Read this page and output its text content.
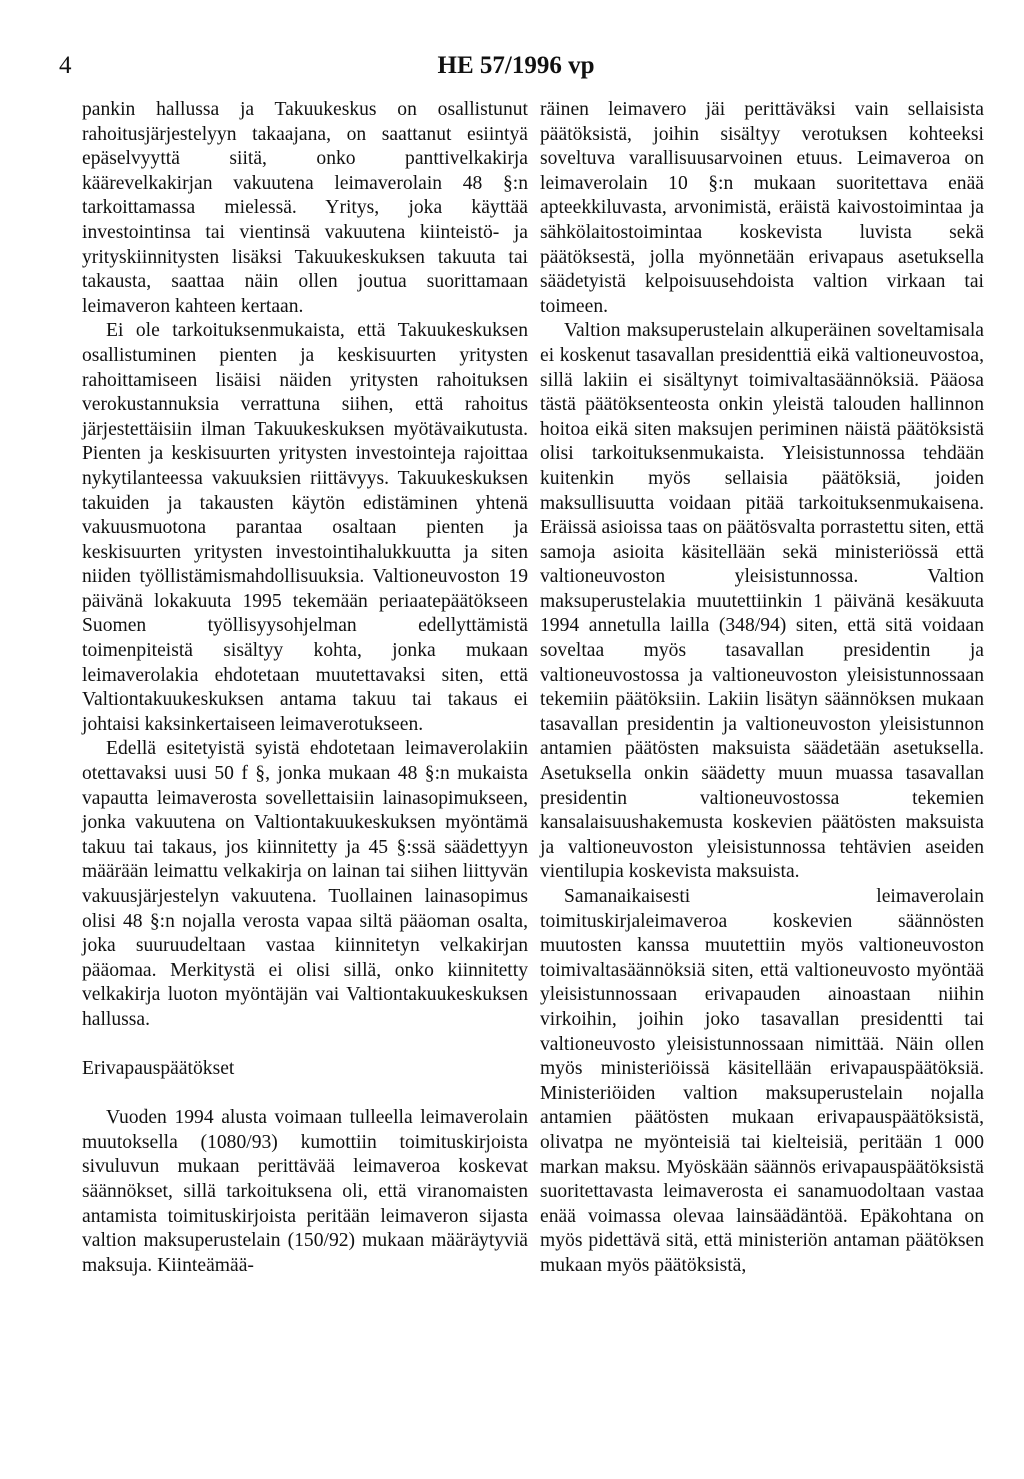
4	HE 57/1996 vp

pankin hallussa ja Takuukeskus on osallistunut rahoitusjärjestelyyn takaajana, on saattanut esiintyä epäselvyyttä siitä, onko panttivelkakirja käärevelkakirjan vakuutena leimaverolain 48 §:n tarkoittamassa mielessä. Yritys, joka käyttää investointinsa tai vientinsä vakuutena kiinteistö- ja yrityskiinnitysten lisäksi Takuukeskuksen takuuta tai takausta, saattaa näin ollen joutua suorittamaan leimaveron kahteen kertaan.

Ei ole tarkoituksenmukaista, että Takuukeskuksen osallistuminen pienten ja keskisuurten yritysten rahoittamiseen lisäisi näiden yritysten rahoituksen verokustannuksia verrattuna siihen, että rahoitus järjestettäisiin ilman Takuukeskuksen myötävaikutusta. Pienten ja keskisuurten yritysten investointeja rajoittaa nykytilanteessa vakuuksien riittävyys. Takuukeskuksen takuiden ja takausten käytön edistäminen yhtenä vakuusmuotona parantaa osaltaan pienten ja keskisuurten yritysten investointihalukkuutta ja siten niiden työllistämismahdollisuuksia. Valtioneuvoston 19 päivänä lokakuuta 1995 tekemään periaatepäätökseen Suomen työllisyysohjelman edellyttämistä toimenpiteistä sisältyy kohta, jonka mukaan leimaverolakia ehdotetaan muutettavaksi siten, että Valtiontakuukeskuksen antama takuu tai takaus ei johtaisi kaksinkertaiseen leimaverotukseen.

Edellä esitetyistä syistä ehdotetaan leimaverolakiin otettavaksi uusi 50 f §, jonka mukaan 48 §:n mukaista vapautta leimaverosta sovellettaisiin lainasopimukseen, jonka vakuutena on Valtiontakuukeskuksen myöntämä takuu tai takaus, jos kiinnitetty ja 45 §:ssä säädettyyn määrään leimattu velkakirja on lainan tai siihen liittyvän vakuusjärjestelyn vakuutena. Tuollainen lainasopimus olisi 48 §:n nojalla verosta vapaa siltä pääoman osalta, joka suuruudeltaan vastaa kiinnitetyn velkakirjan pääomaa. Merkitystä ei olisi sillä, onko kiinnitetty velkakirja luoton myöntäjän vai Valtiontakuukeskuksen hallussa.

Erivapauspäätökset

Vuoden 1994 alusta voimaan tulleella leimaverolain muutoksella (1080/93) kumottiin toimituskirjoista sivuluvun mukaan perittävää leimaveroa koskevat säännökset, sillä tarkoituksena oli, että viranomaisten antamista toimituskirjoista peritään leimaveron sijasta valtion maksuperustelain (150/92) mukaan määräytyviä maksuja. Kiinteämää-

räinen leimavero jäi perittäväksi vain sellaisista päätöksistä, joihin sisältyy verotuksen kohteeksi soveltuva varallisuusarvoinen etuus. Leimaveroa on leimaverolain 10 §:n mukaan suoritettava enää apteekkiluvasta, arvonimistä, eräistä kaivostoimintaa ja sähkölaitostoimintaa koskevista luvista sekä päätöksestä, jolla myönnetään erivapaus asetuksella säädetyistä kelpoisuusehdoista valtion virkaan tai toimeen.

Valtion maksuperustelain alkuperäinen soveltamisala ei koskenut tasavallan presidenttiä eikä valtioneuvostoa, sillä lakiin ei sisältynyt toimivaltasäännöksiä. Pääosa tästä päätöksenteosta onkin yleistä talouden hallinnon hoitoa eikä siten maksujen periminen näistä päätöksistä olisi tarkoituksenmukaista. Yleisistunnossa tehdään kuitenkin myös sellaisia päätöksiä, joiden maksullisuutta voidaan pitää tarkoituksenmukaisena. Eräissä asioissa taas on päätösvalta porrastettu siten, että samoja asioita käsitellään sekä ministeriössä että valtioneuvoston yleisistunnossa. Valtion maksuperustelakia muutettiinkin 1 päivänä kesäkuuta 1994 annetulla lailla (348/94) siten, että sitä voidaan soveltaa myös tasavallan presidentin ja valtioneuvostossa ja valtioneuvoston yleisistunnossaan tekemiin päätöksiin. Lakiin lisätyn säännöksen mukaan tasavallan presidentin ja valtioneuvoston yleisistunnon antamien päätösten maksuista säädetään asetuksella. Asetuksella onkin säädetty muun muassa tasavallan presidentin valtioneuvostossa tekemien kansalaisuushakemusta koskevien päätösten maksuista ja valtioneuvoston yleisistunnossa tehtävien aseiden vientilupia koskevista maksuista.

Samanaikaisesti leimaverolain toimituskirjaleimaveroa koskevien säännösten muutosten kanssa muutettiin myös valtioneuvoston toimivaltasäännöksiä siten, että valtioneuvosto myöntää yleisistunnossaan erivapauden ainoastaan niihin virkoihin, joihin joko tasavallan presidentti tai valtioneuvosto yleisistunnossaan nimittää. Näin ollen myös ministeriöissä käsitellään erivapauspäätöksiä. Ministeriöiden valtion maksuperustelain nojalla antamien päätösten mukaan erivapauspäätöksistä, olivatpa ne myönteisiä tai kielteisiä, peritään 1 000 markan maksu. Myöskään säännös erivapauspäätöksistä suoritettavasta leimaverosta ei sanamuodoltaan vastaa enää voimassa olevaa lainsäädäntöä. Epäkohtana on myös pidettävä sitä, että ministeriön antaman päätöksen mukaan myös päätöksistä,
